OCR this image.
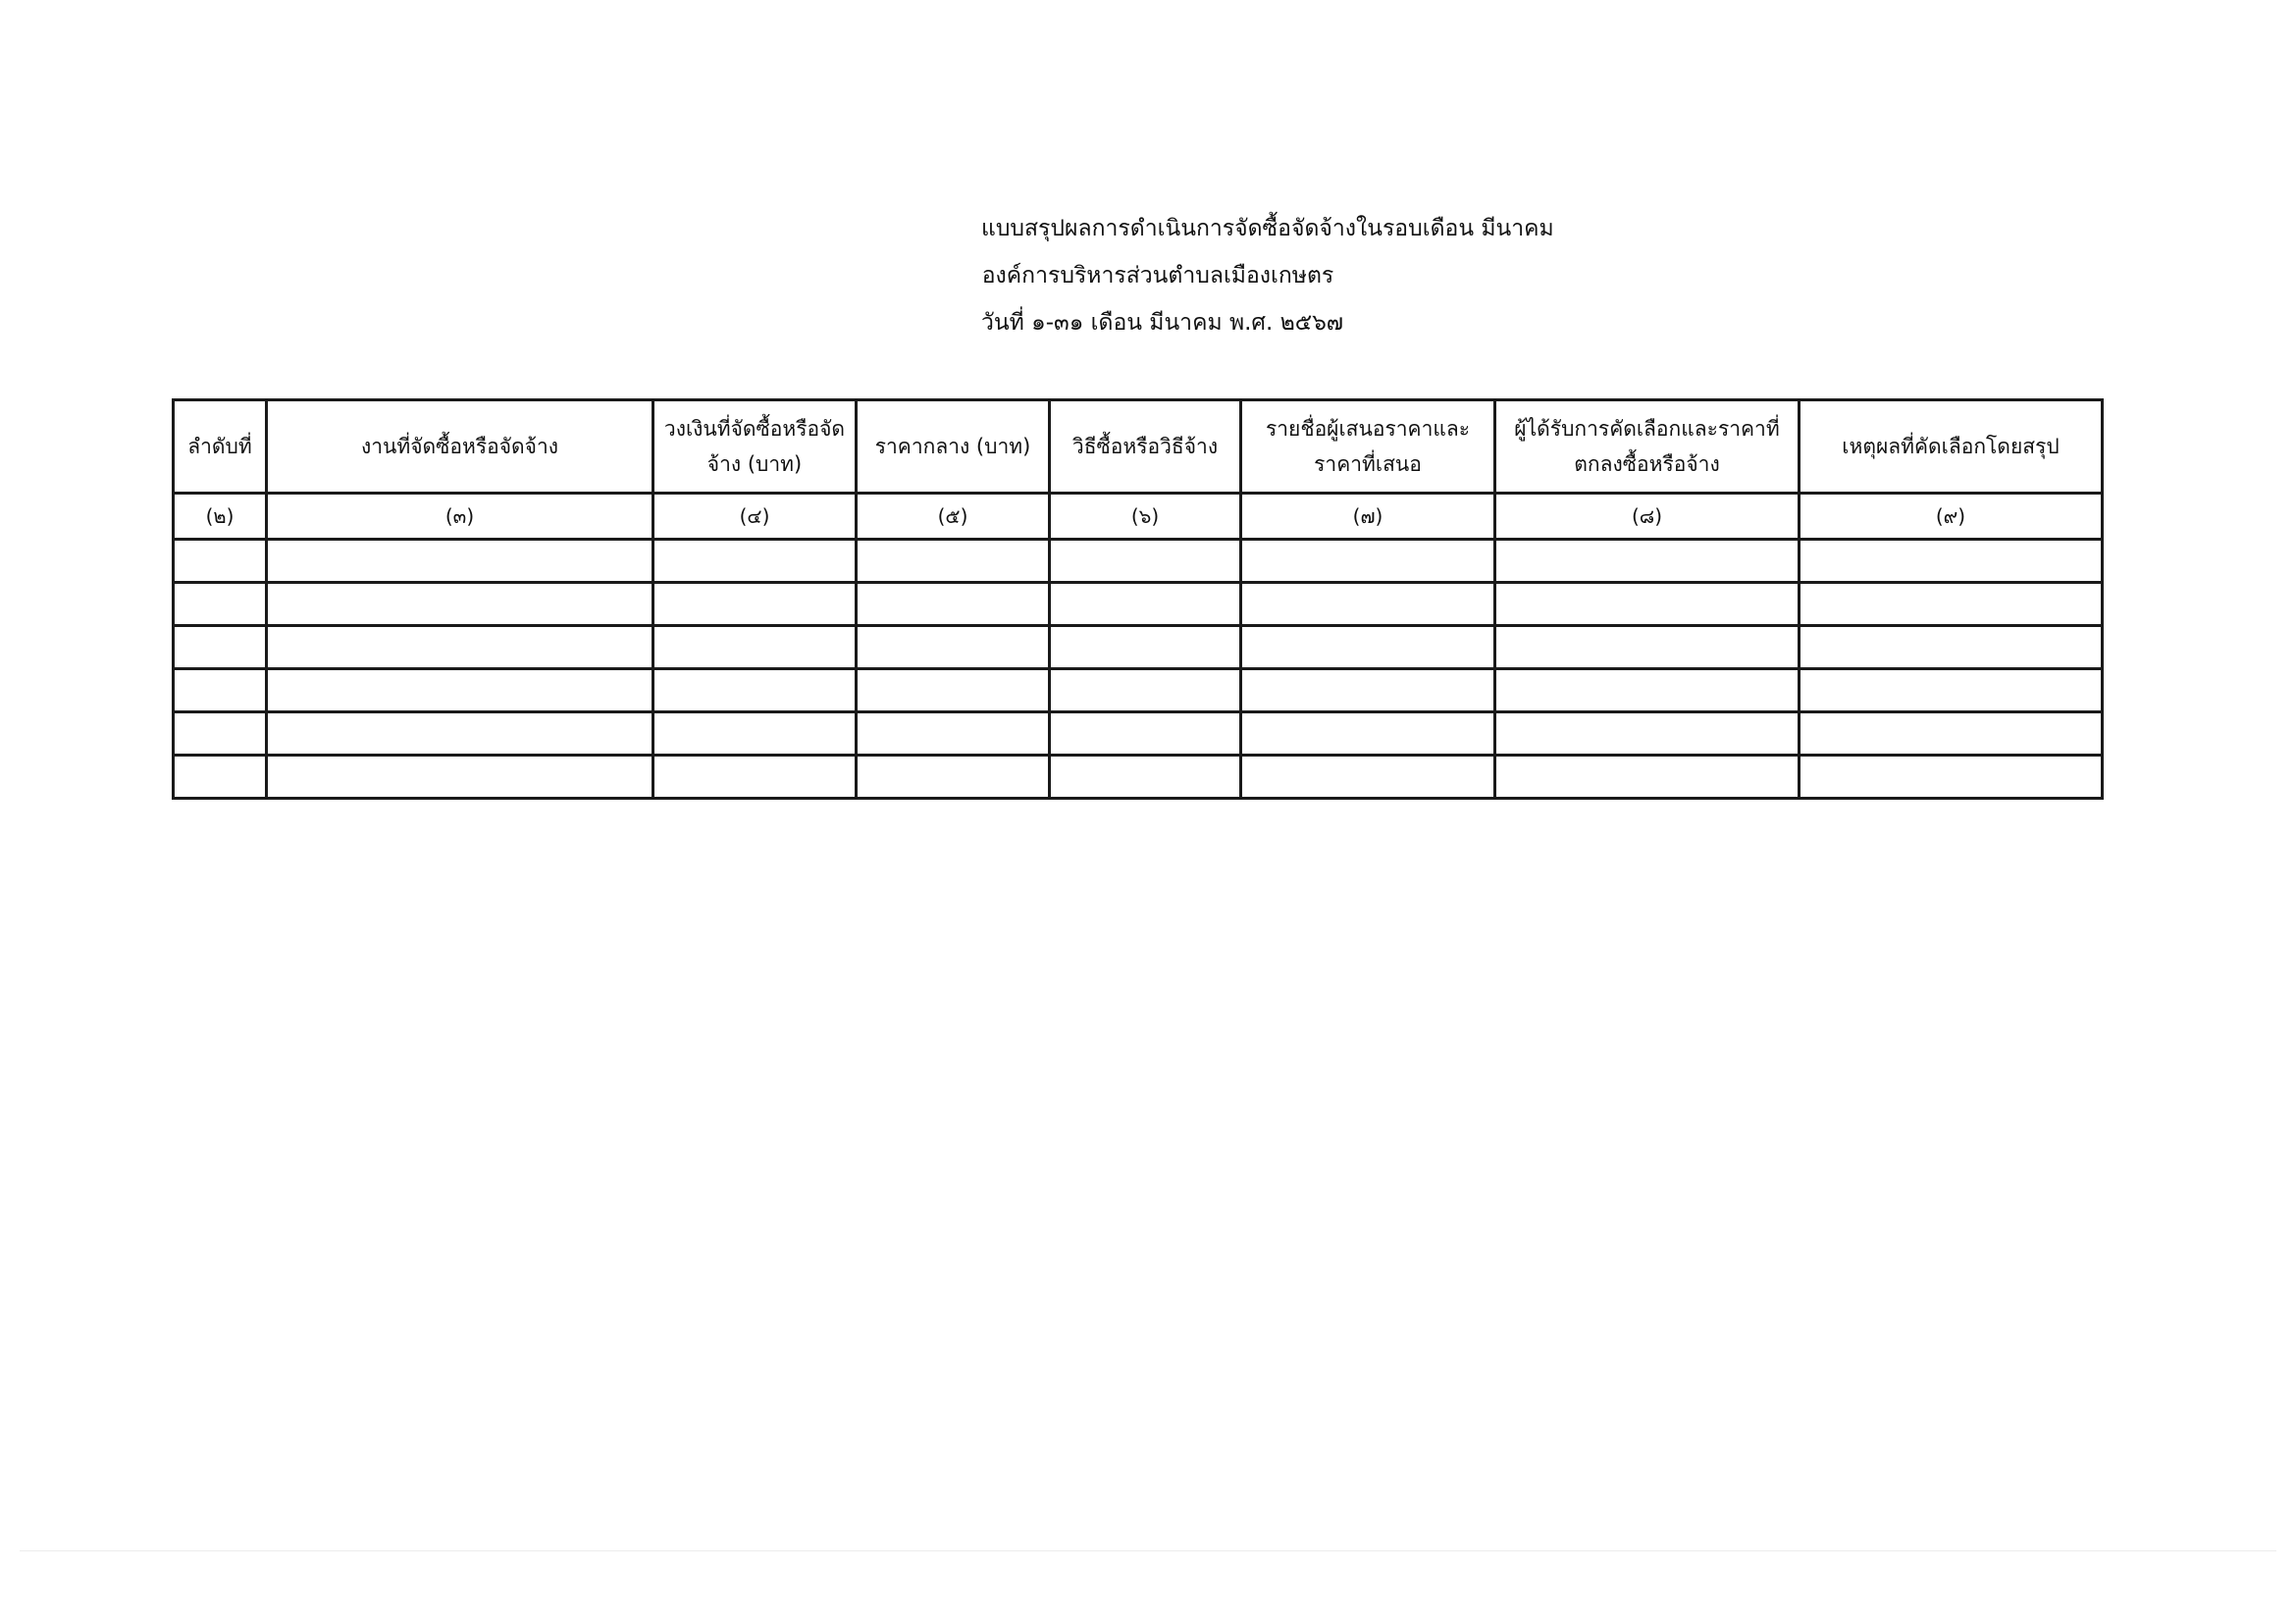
แบบสรุปผลการดำเนินการจัดซื้อจัดจ้างในรอบเดือน มีนาคม
องค์การบริหารส่วนตำบลเมืองเกษตร
วันที่ ๑-๓๑ เดือน มีนาคม พ.ศ. ๒๕๖๗
ลำดับที่	งานที่จัดซื้อหรือจัดจ้าง	วงเงินที่จัดซื้อหรือจัดจ้าง (บาท)	ราคากลาง (บาท)	วิธีซื้อหรือวิธีจ้าง	รายชื่อผู้เสนอราคาและราคาที่เสนอ	ผู้ได้รับการคัดเลือกและราคาที่ตกลงซื้อหรือจ้าง	เหตุผลที่คัดเลือกโดยสรุป
(๒)	(๓)	(๔)	(๕)	(๖)	(๗)	(๘)	(๙)
